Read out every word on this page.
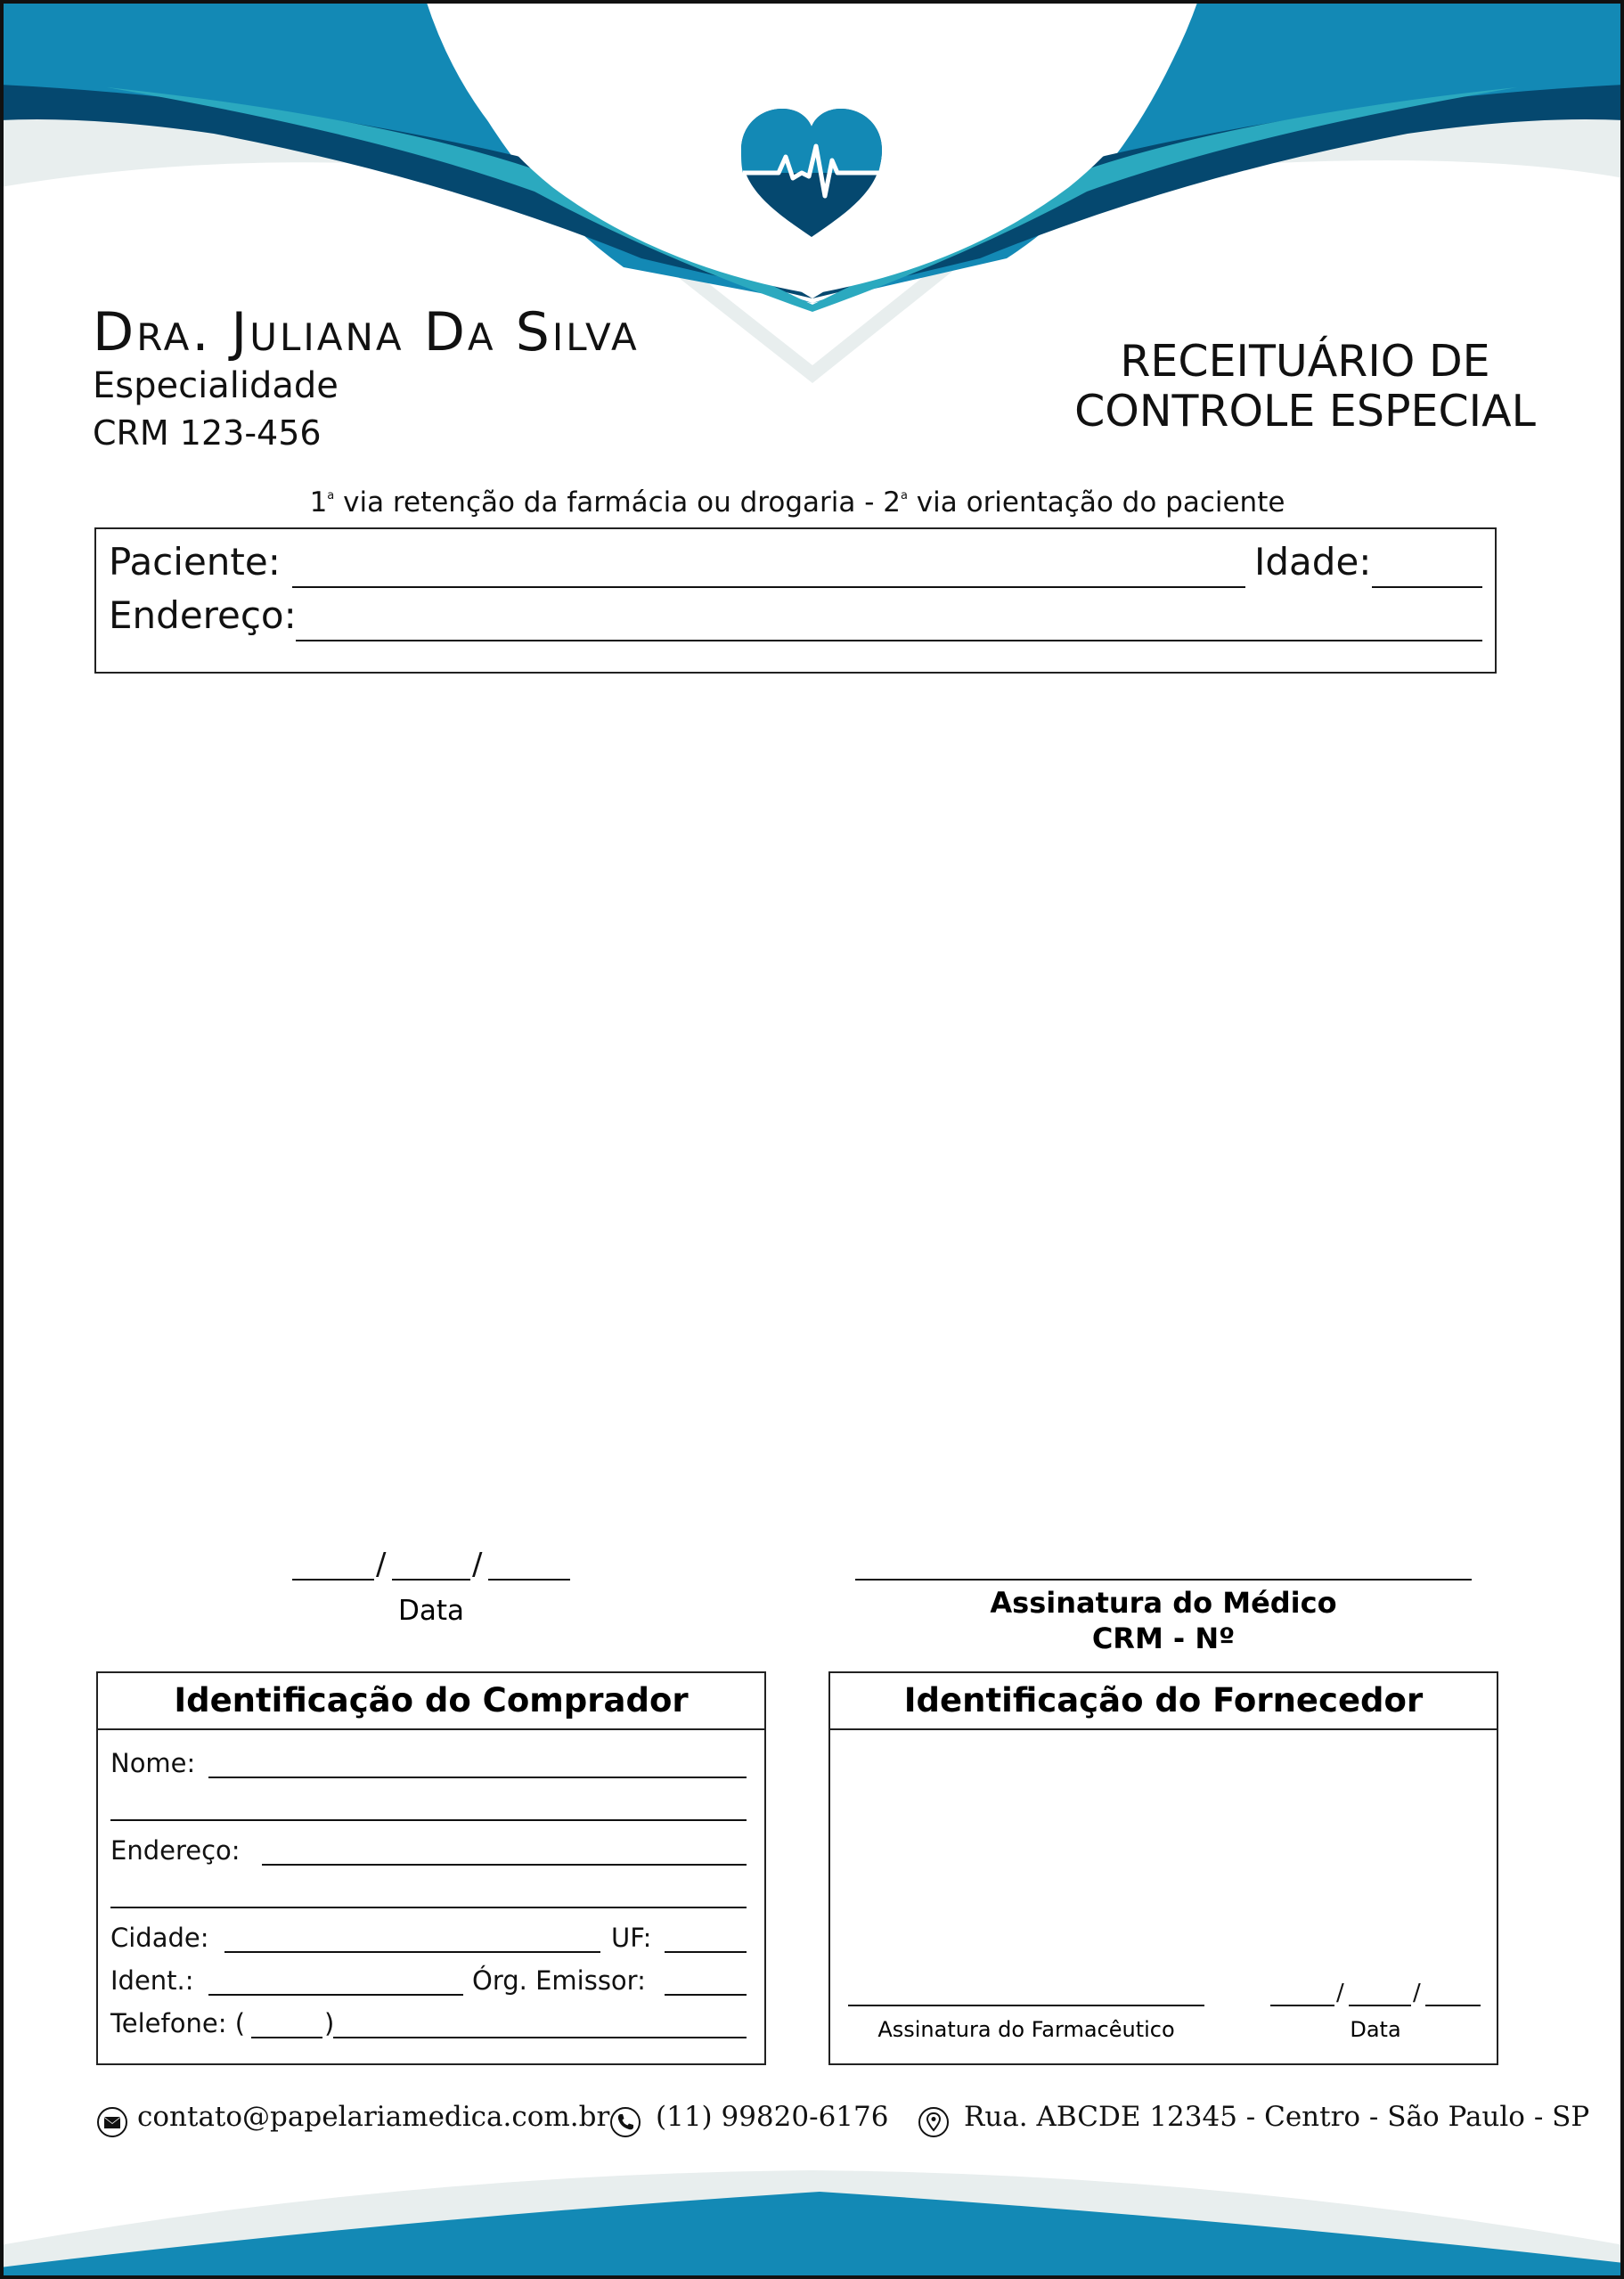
Dra. Juliana Da Silva
Especialidade
CRM 123-456
RECEITUÁRIO DE
CONTROLE ESPECIAL
1$^a$ via retenção da farmácia ou drogaria - 2$^a$ via orientação do paciente
Paciente:	Idade:
Endereço:
/	/
Data	Assinatura do Médico
CRM - Nº
Identificação do Comprador
Nome:
Endereço:
Cidade:	UF:
Ident.:	Órg. Emissor:
Telefone: (	)
Identificação do Fornecedor
Assinatura do Farmacêutico
/	/
Data
contato@papelariamedica.com.br (11) 99820-6176	Rua. ABCDE 12345 - Centro - São Paulo - SP
